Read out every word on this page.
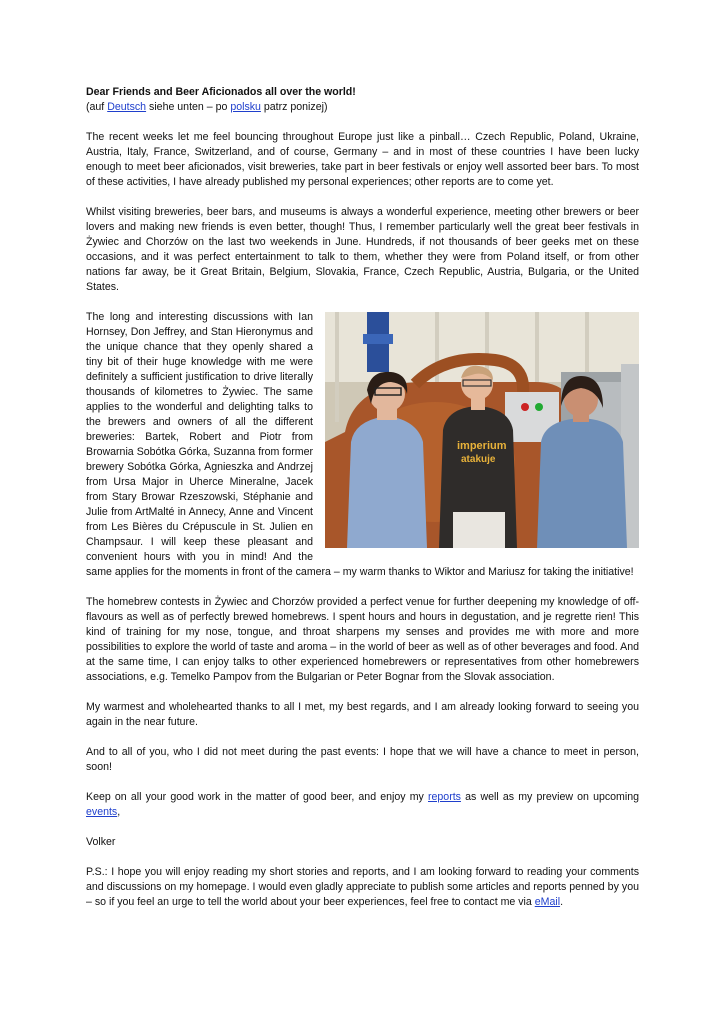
Dear Friends and Beer Aficionados all over the world!

(auf Deutsch siehe unten – po polsku patrz ponizej)

The recent weeks let me feel bouncing throughout Europe just like a pinball… Czech Republic, Poland, Ukraine, Austria, Italy, France, Switzerland, and of course, Germany – and in most of these countries I have been lucky enough to meet beer aficionados, visit breweries, take part in beer festivals or enjoy well assorted beer bars. To most of these activities, I have already published my personal experiences; other reports are to come yet.

Whilst visiting breweries, beer bars, and museums is always a wonderful experience, meeting other brewers or beer lovers and making new friends is even better, though! Thus, I remember particularly well the great beer festivals in Żywiec and Chorzów on the last two weekends in June. Hundreds, if not thousands of beer geeks met on these occasions, and it was perfect entertainment to talk to them, whether they were from Poland itself, or from other nations far away, be it Great Britain, Belgium, Slovakia, France, Czech Republic, Austria, Bulgaria, or the United States.

imperium
atakuje

The long and interesting discussions with Ian Hornsey, Don Jeffrey, and Stan Hieronymus and the unique chance that they openly shared a tiny bit of their huge knowledge with me were definitely a sufficient justification to drive literally thousands of kilometres to Żywiec. The same applies to the wonderful and delighting talks to the brewers and owners of all the different breweries: Bartek, Robert and Piotr from Browarnia Sobótka Górka, Suzanna from former brewery Sobótka Górka, Agnieszka and Andrzej from Ursa Major in Uherce Mineralne, Jacek from Stary Browar Rzeszowski, Stéphanie and Julie from ArtMalté in Annecy, Anne and Vincent from Les Bières du Crépuscule in St. Julien en Champsaur. I will keep these pleasant and convenient hours with you in mind! And the same applies for the moments in front of the camera – my warm thanks to Wiktor and Mariusz for taking the initiative!

The homebrew contests in Żywiec and Chorzów provided a perfect venue for further deepening my knowledge of off-flavours as well as of perfectly brewed homebrews. I spent hours and hours in degustation, and je regrette rien! This kind of training for my nose, tongue, and throat sharpens my senses and provides me with more and more possibilities to explore the world of taste and aroma – in the world of beer as well as of other beverages and food. And at the same time, I can enjoy talks to other experienced homebrewers or representatives from other homebrewers associations, e.g. Temelko Pampov from the Bulgarian or Peter Bognar from the Slovak association.

My warmest and wholehearted thanks to all I met, my best regards, and I am already looking forward to seeing you again in the near future.

And to all of you, who I did not meet during the past events: I hope that we will have a chance to meet in person, soon!

Keep on all your good work in the matter of good beer, and enjoy my reports as well as my preview on upcoming events,

Volker

P.S.: I hope you will enjoy reading my short stories and reports, and I am looking forward to reading your comments and discussions on my homepage. I would even gladly appreciate to publish some articles and reports penned by you – so if you feel an urge to tell the world about your beer experiences, feel free to contact me via eMail.
